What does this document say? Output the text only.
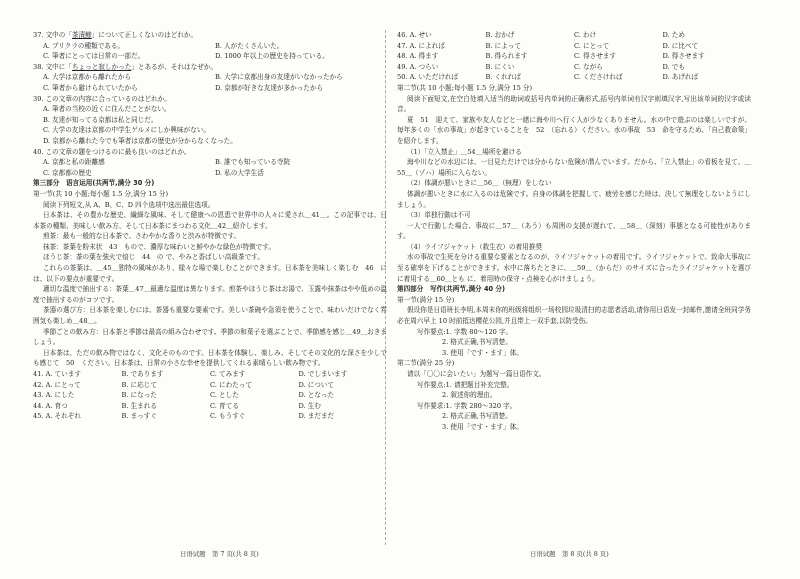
37. 文中の「茶漬鯵」について正しくないのはどれか。
A. ブリクラの種類である。	B. 人がたくさんいた。
C. 筆者にとっては日常の一部だ。	D. 1000 年以上の歴史を持っている。
38. 文中に「ちょっと寂しかった」とあるが、それはなぜか。
A. 大学は京都から離れたから	B. 大学に京都出身の友達がいなかったから
C. 筆者から避けられていたから	D. 京都が好きな友達が多かったから
39. この文章の内容に合っているのはどれか。
A. 筆者の当校の近くに住んだことがない。
B. 友達が知ってる京都は私と同じだ。
C. 大学の友達は京都の中学生ゲルメにしか興味がない。
D. 京都から離れた今でも筆者は京都の歴史が分からなくなった。
40. この文章の題をつけるのに最も良いのはどれか。
A. 京都と私の距離感	B. 誰でも知っている寺院
C. 京都都の歴史	D. 私の大学生活
第三部分　语言运用(共两节,满分 30 分)
第一节(共 10 小题;每小题 1.5 分,满分 15 分)
阅读下列短文,从 A、B、C、D 四个选项中选出最佳选项。
日本茶は、その豊かな歴史、繊細な風味、そして健康への恩恵で世界中の人々に愛され＿41＿。この記事では、日本茶の種類、美味しい飲み方、そして日本茶にまつわる文化＿42＿紹介します。
煎茶：最も一般的な日本茶で、さわやかな香りと渋みが特徴です。
抹茶：茶葉を粉末状　43　もので、濃厚な味わいと鮮やかな緑色が特徴です。
ほうじ茶：茶の葉を強火で焙じ　44　の で、やみと香ばしい高級茶です。
これらの茶葉は、＿45＿独特の風味があり、様々な場で楽しむことができます。日本茶を美味しく楽しむ　46　には、以下の要点が重要です。
適切な温度で抽出する：茶葉＿47＿最適な温度は異なります。煎茶やほうじ茶はお湯で、玉露や抹茶はやや低めの温度で抽出するのがコツです。
茶器の選び方：日本茶を楽しむには、茶器も重要な要素です。美しい茶碗や急須を使うことで、味わいだけでなく雰囲気も楽しめ＿48＿。
季節ごとの飲み方：日本茶と季節は最高の組み合わせです。季節の和菓子を選ぶことで、季節感を感じ＿49＿おきましょう。
日本茶は、ただの飲み物ではなく、文化そのものです。日本茶を体験し、楽しみ、そしてその文化的な深さを少しでも感じて　50　ください。日本茶は、日常の小さな幸せを提供してくれる素晴らしい飲み物です。
41. A. ています	B. であります	C. てみます	D. でしまいます
42. A. にとって	B. に応じて	C. にわたって	D. について
43. A. にした	B. になった	C. とした	D. となった
44. A. 育つ	B. 生まれる	C. 育てる	D. 生む
45. A. それぞれ	B. まっすぐ	C. もうすぐ	D. まだまだ
46. A. せい	B. おかげ	C. わけ	D. ため
47. A. によれば	B. によって	C. にとって	D. に比べて
48. A. 得ます	B. 得られます	C. 得させます	D. 得させます
49. A. つらい	B. にくい	C. ながら	D. でも
50. A. いただければ	B. くれれば	C. くださければ	D. あげれば
第二节(共 10 小题;每小题 1.5 分,满分 15 分)
阅读下面短文,在空白处填入适当的助词或括号内单词的正确形式,括号内单词有汉字则填汉字,写出该单词的汉字或读音。
夏　51　迎えて、家族や友人などと一緒に海や川へ行く人が少なくありません。水の中で遊ぶのは楽しいですが、毎年多くの「水の事故」が起きていることを　52　（忘れる）ください。水の事故　53　命を守るため、「自己救命策」を紹介します。
（1）「立入禁止」＿54＿場所を避ける
海や川などの水辺には、一目見ただけでは分からない危険が潜んでいます。だから、「立入禁止」の看板を見て、＿55＿（ゾハ）場所に入らない。
（2）体調が悪いときに＿56＿（無理）をしない
体調が悪いときに水に入るのは危険です。自身の体調を把握して、疲労を感じた時は、決して無理をしないようにしましょう。
（3）単独行動は不可
一人で行動した場合、事故に＿57＿（あう）も周囲の支援が遅れて、＿58＿（深刻）事態となる可能性があります。
（4）ライフジャケット（救生衣）の着用推奨
水の事故で生死を分ける重要な要素となるのが、ライフジャケットの着用です。ライフジャケットで、致命大事故に至る確率を下げることができます。水中に落ちたときに、＿59＿（からだ）のサイズに合ったライフジャケットを選びに着用する＿60＿とも に、着用時の保守・点検を心がけましょう。
第四部分　写作(共两节,满分 40 分)
第一节(满分 15 分)
假设你是日语班长李明,本周末你的班级将组织一场校园垃圾清扫的志愿者活动,请你用日语发一封邮件,邀请全班同学务必在周六早上 10 时前抵达樱花公园,并且带上一双手套,以防受伤。
写作要点:1. 字数 80～120 字。
2. 格式正确,书写清楚。
3. 使用「です・ます」体。
第二节(满分 25 分)
请以「〇〇に会いたい」为题写一篇日语作文。
写作要点:1. 请把题目补充完整。
2. 叙述你的理由。
写作要求:1. 字数 280～320 字。
2. 格式正确,书写清楚。
3. 使用「です・ます」体。
日语试题　第 7 页(共 8 页)	日语试题　第 8 页(共 8 页)
